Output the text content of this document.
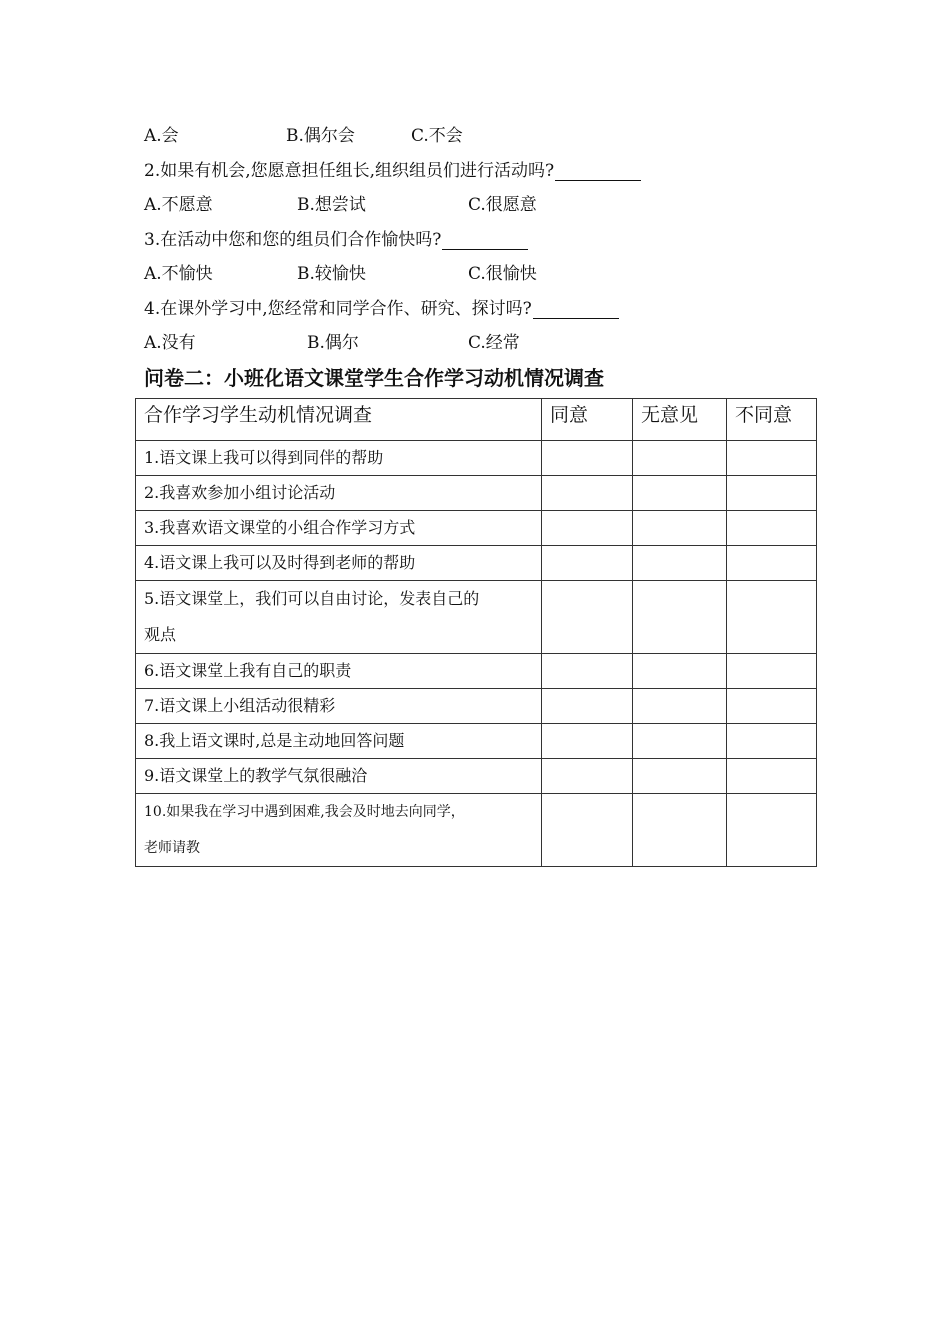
A.会	B.偶尔会	C.不会
2.如果有机会,您愿意担任组长,组织组员们进行活动吗?
A.不愿意	B.想尝试	C.很愿意
3.在活动中您和您的组员们合作愉快吗?
A.不愉快	B.较愉快	C.很愉快
4.在课外学习中,您经常和同学合作、研究、探讨吗?
A.没有	B.偶尔	C.经常
问卷二：小班化语文课堂学生合作学习动机情况调查
合作学习学生动机情况调查	同意	无意见	不同意
1.语文课上我可以得到同伴的帮助			
2.我喜欢参加小组讨论活动			
3.我喜欢语文课堂的小组合作学习方式			
4.语文课上我可以及时得到老师的帮助			
5.语文课堂上，我们可以自由讨论，发表自己的
观点			
6.语文课堂上我有自己的职责			
7.语文课上小组活动很精彩			
8.我上语文课时,总是主动地回答问题			
9.语文课堂上的教学气氛很融洽			
10.如果我在学习中遇到困难,我会及时地去向同学，
老师请教			
